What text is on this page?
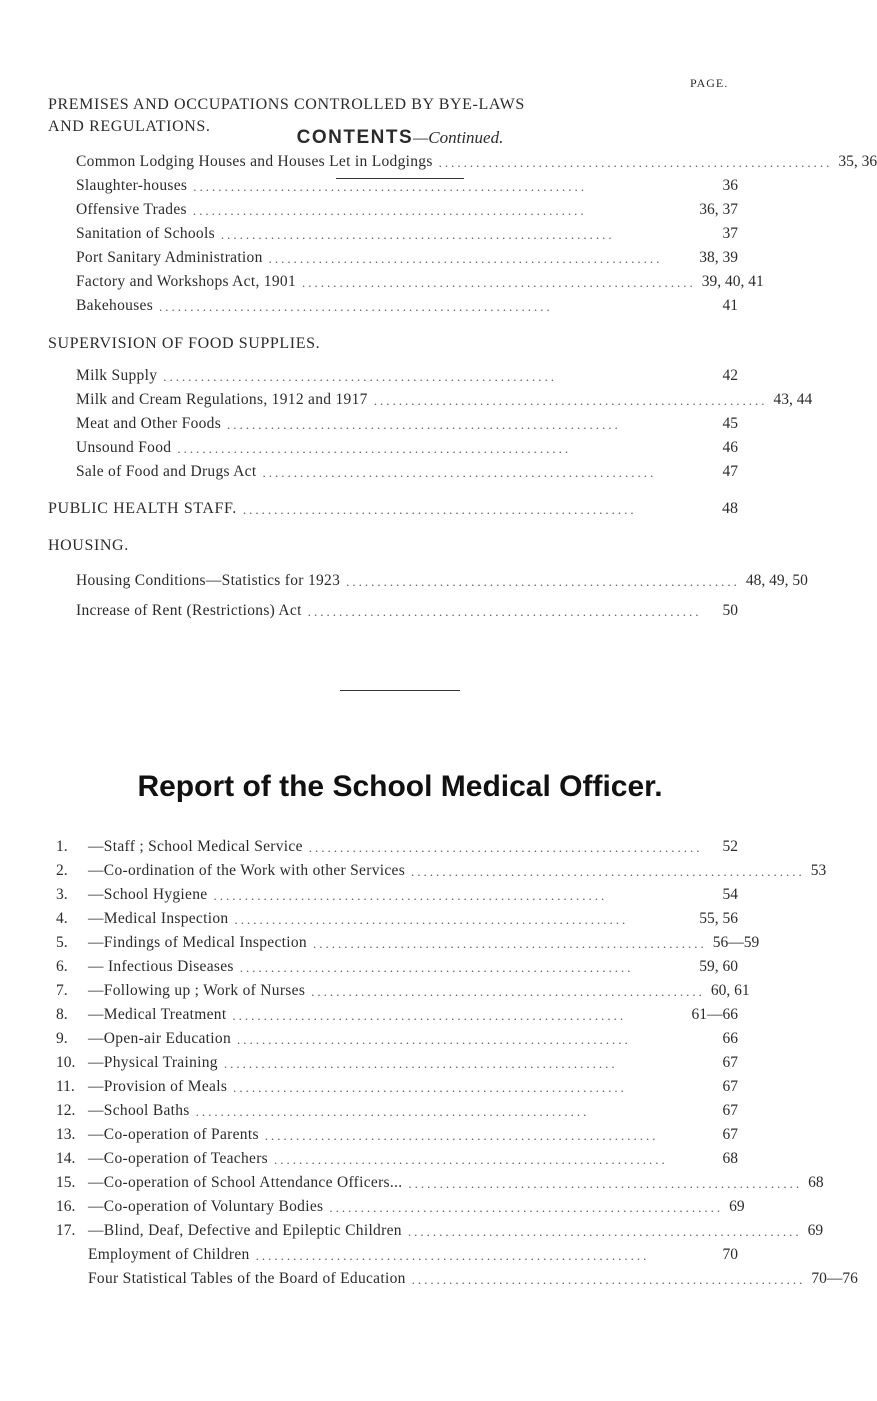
CONTENTS—Continued.
PAGE.
PREMISES AND OCCUPATIONS CONTROLLED BY BYE-LAWS
AND REGULATIONS.
Common Lodging Houses and Houses Let in Lodgings ............................................................... 35, 36
Slaughter-houses ...............................................................	36
Offensive Trades ...............................................................	36, 37
Sanitation of Schools ...............................................................	37
Port Sanitary Administration ...............................................................	38, 39
Factory and Workshops Act, 1901 ............................................................... 39, 40, 41
Bakehouses ...............................................................	41
SUPERVISION OF FOOD SUPPLIES.
Milk Supply ...............................................................	42
Milk and Cream Regulations, 1912 and 1917 ............................................................... 43, 44
Meat and Other Foods ...............................................................	45
Unsound Food ...............................................................	46
Sale of Food and Drugs Act ...............................................................	47
PUBLIC HEALTH STAFF. ...............................................................	48
HOUSING.
Housing Conditions—Statistics for 1923 ............................................................... 48, 49, 50
Increase of Rent (Restrictions) Act ...............................................................	50
Report of the School Medical Officer.
1.	—Staff ; School Medical Service ...............................................................	52
2.	—Co-ordination of the Work with other Services ............................................................... 53
3.	—School Hygiene ...............................................................	54
4.	—Medical Inspection ...............................................................	55, 56
5.	—Findings of Medical Inspection ............................................................... 56—59
6.	— Infectious Diseases ...............................................................	59, 60
7.	—Following up ; Work of Nurses ............................................................... 60, 61
8.	—Medical Treatment ...............................................................	61—66
9.	—Open-air Education ...............................................................	66
10. —Physical Training ...............................................................	67
11. —Provision of Meals ...............................................................	67
12. —School Baths ...............................................................	67
13. —Co-operation of Parents ...............................................................	67
14. —Co-operation of Teachers ...............................................................	68
15. —Co-operation of School Attendance Officers... ............................................................... 68
16. —Co-operation of Voluntary Bodies ............................................................... 69
17. —Blind, Deaf, Defective and Epileptic Children ............................................................... 69
Employment of Children ...............................................................	70
Four Statistical Tables of the Board of Education ............................................................... 70—76
